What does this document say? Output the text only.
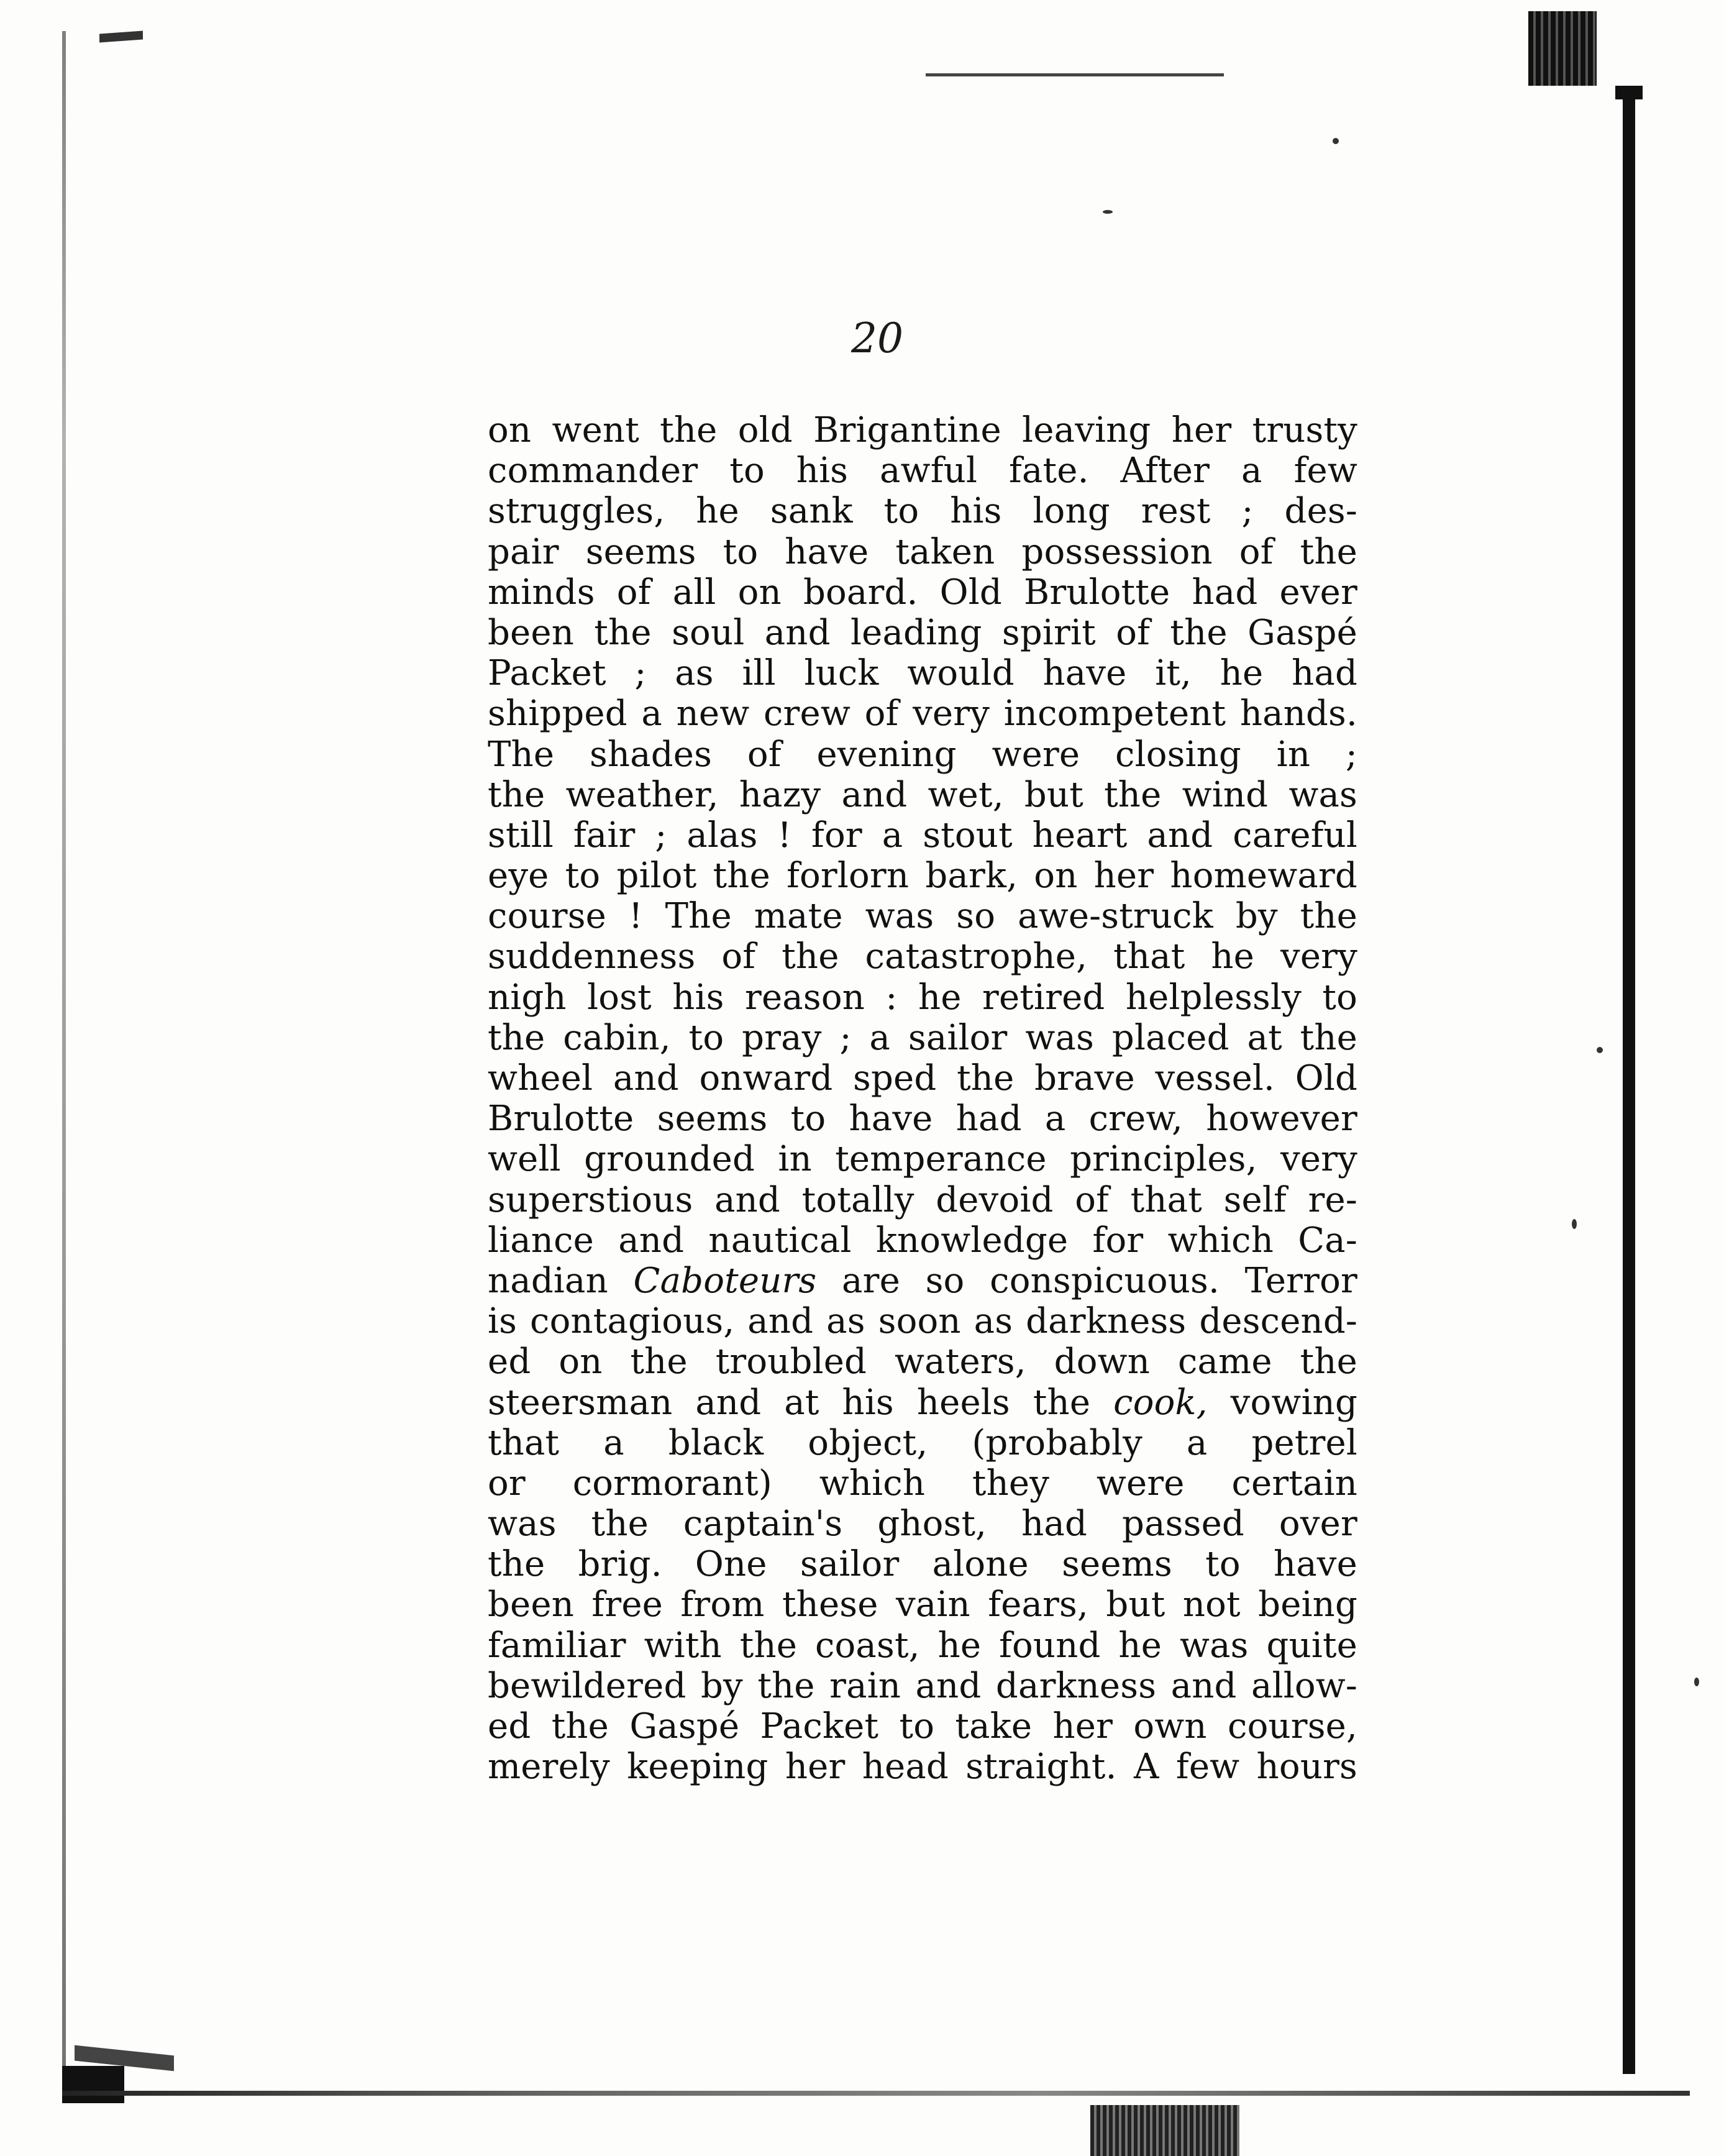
20
on went the old Brigantine leaving her trusty
commander to his awful fate. After a few
struggles, he sank to his long rest ; des-
pair seems to have taken possession of the
minds of all on board. Old Brulotte had ever
been the soul and leading spirit of the Gaspé
Packet ; as ill luck would have it, he had
shipped a new crew of very incompetent hands.
The shades of evening were closing in ;
the weather, hazy and wet, but the wind was
still fair ; alas ! for a stout heart and careful
eye to pilot the forlorn bark, on her homeward
course ! The mate was so awe-struck by the
suddenness of the catastrophe, that he very
nigh lost his reason : he retired helplessly to
the cabin, to pray ; a sailor was placed at the
wheel and onward sped the brave vessel. Old
Brulotte seems to have had a crew, however
well grounded in temperance principles, very
superstious and totally devoid of that self re-
liance and nautical knowledge for which Ca-
nadian Caboteurs are so conspicuous. Terror
is contagious, and as soon as darkness descend-
ed on the troubled waters, down came the
steersman and at his heels the cook, vowing
that a black object, (probably a petrel
or cormorant) which they were certain
was the captain's ghost, had passed over
the brig. One sailor alone seems to have
been free from these vain fears, but not being
familiar with the coast, he found he was quite
bewildered by the rain and darkness and allow-
ed the Gaspé Packet to take her own course,
merely keeping her head straight. A few hours
